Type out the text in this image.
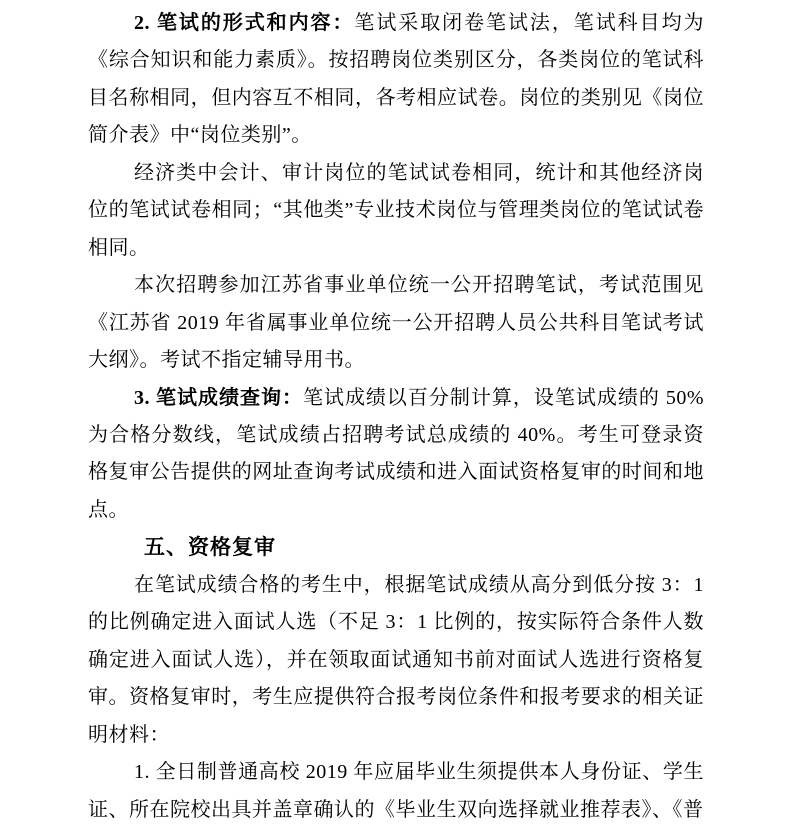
2. 笔试的形式和内容：笔试采取闭卷笔试法，笔试科目均为《综合知识和能力素质》。按招聘岗位类别区分，各类岗位的笔试科目名称相同，但内容互不相同，各考相应试卷。岗位的类别见《岗位简介表》中“岗位类别”。

经济类中会计、审计岗位的笔试试卷相同，统计和其他经济岗位的笔试试卷相同；“其他类”专业技术岗位与管理类岗位的笔试试卷相同。

本次招聘参加江苏省事业单位统一公开招聘笔试，考试范围见《江苏省 2019 年省属事业单位统一公开招聘人员公共科目笔试考试大纲》。考试不指定辅导用书。

3. 笔试成绩查询：笔试成绩以百分制计算，设笔试成绩的 50%为合格分数线，笔试成绩占招聘考试总成绩的 40%。考生可登录资格复审公告提供的网址查询考试成绩和进入面试资格复审的时间和地点。

五、资格复审

在笔试成绩合格的考生中，根据笔试成绩从高分到低分按 3：1 的比例确定进入面试人选（不足 3：1 比例的，按实际符合条件人数确定进入面试人选），并在领取面试通知书前对面试人选进行资格复审。资格复审时，考生应提供符合报考岗位条件和报考要求的相关证明材料：

1. 全日制普通高校 2019 年应届毕业生须提供本人身份证、学生证、所在院校出具并盖章确认的《毕业生双向选择就业推荐表》、《普
